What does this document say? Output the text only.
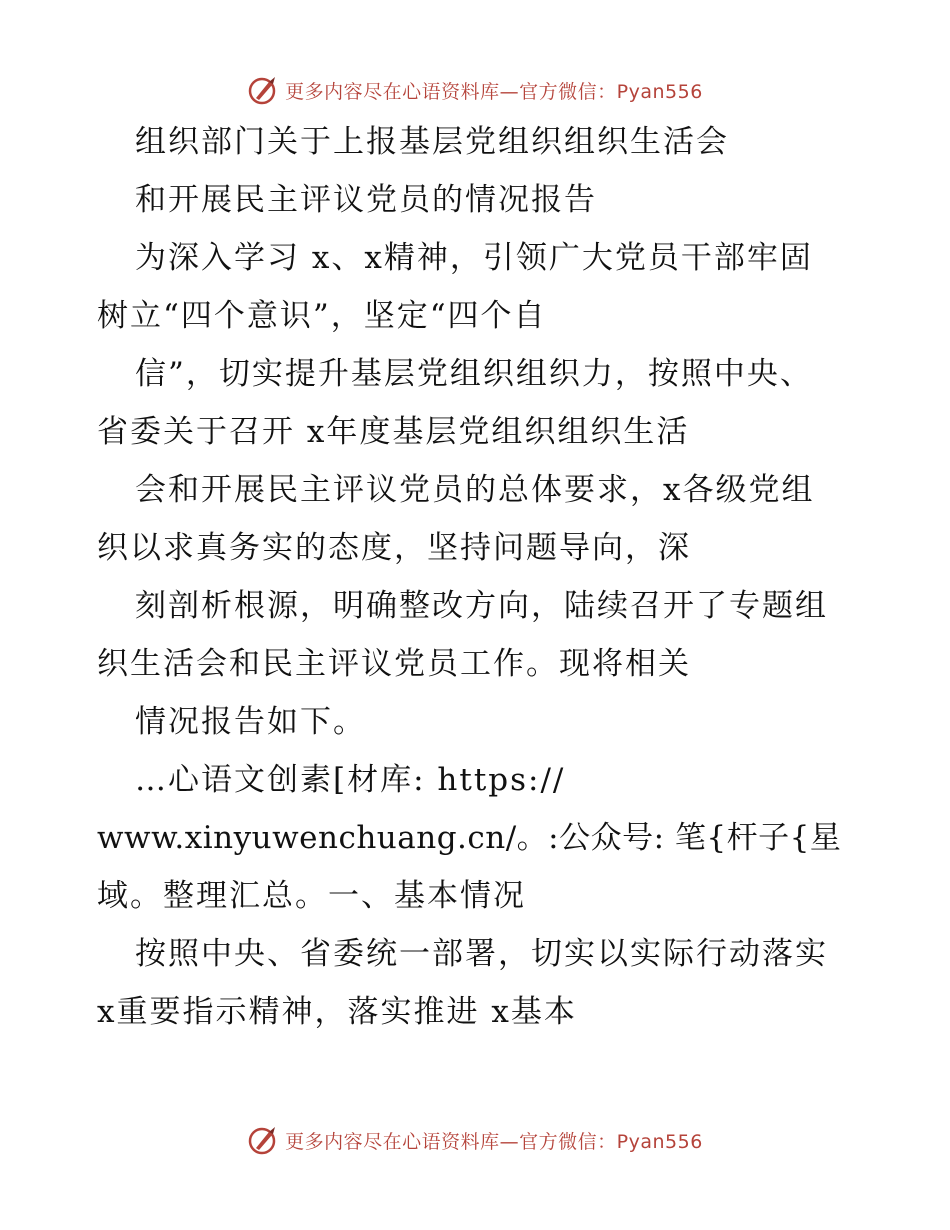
更多内容尽在心语资料库—官方微信：Pyan556
组织部门关于上报基层党组织组织生活会
和开展民主评议党员的情况报告
为深入学习 x、x精神，引领广大党员干部牢固
树立“四个意识”，坚定“四个自
信”，切实提升基层党组织组织力，按照中央、
省委关于召开 x年度基层党组织组织生活
会和开展民主评议党员的总体要求，x各级党组
织以求真务实的态度，坚持问题导向，深
刻剖析根源，明确整改方向，陆续召开了专题组
织生活会和民主评议党员工作。现将相关
情况报告如下。
…心语文创素[材库: https://
www.xinyuwenchuang.cn/。:公众号: 笔{杆子{星
域。整理汇总。一、基本情况
按照中央、省委统一部署，切实以实际行动落实
x重要指示精神，落实推进 x基本
更多内容尽在心语资料库—官方微信：Pyan556
